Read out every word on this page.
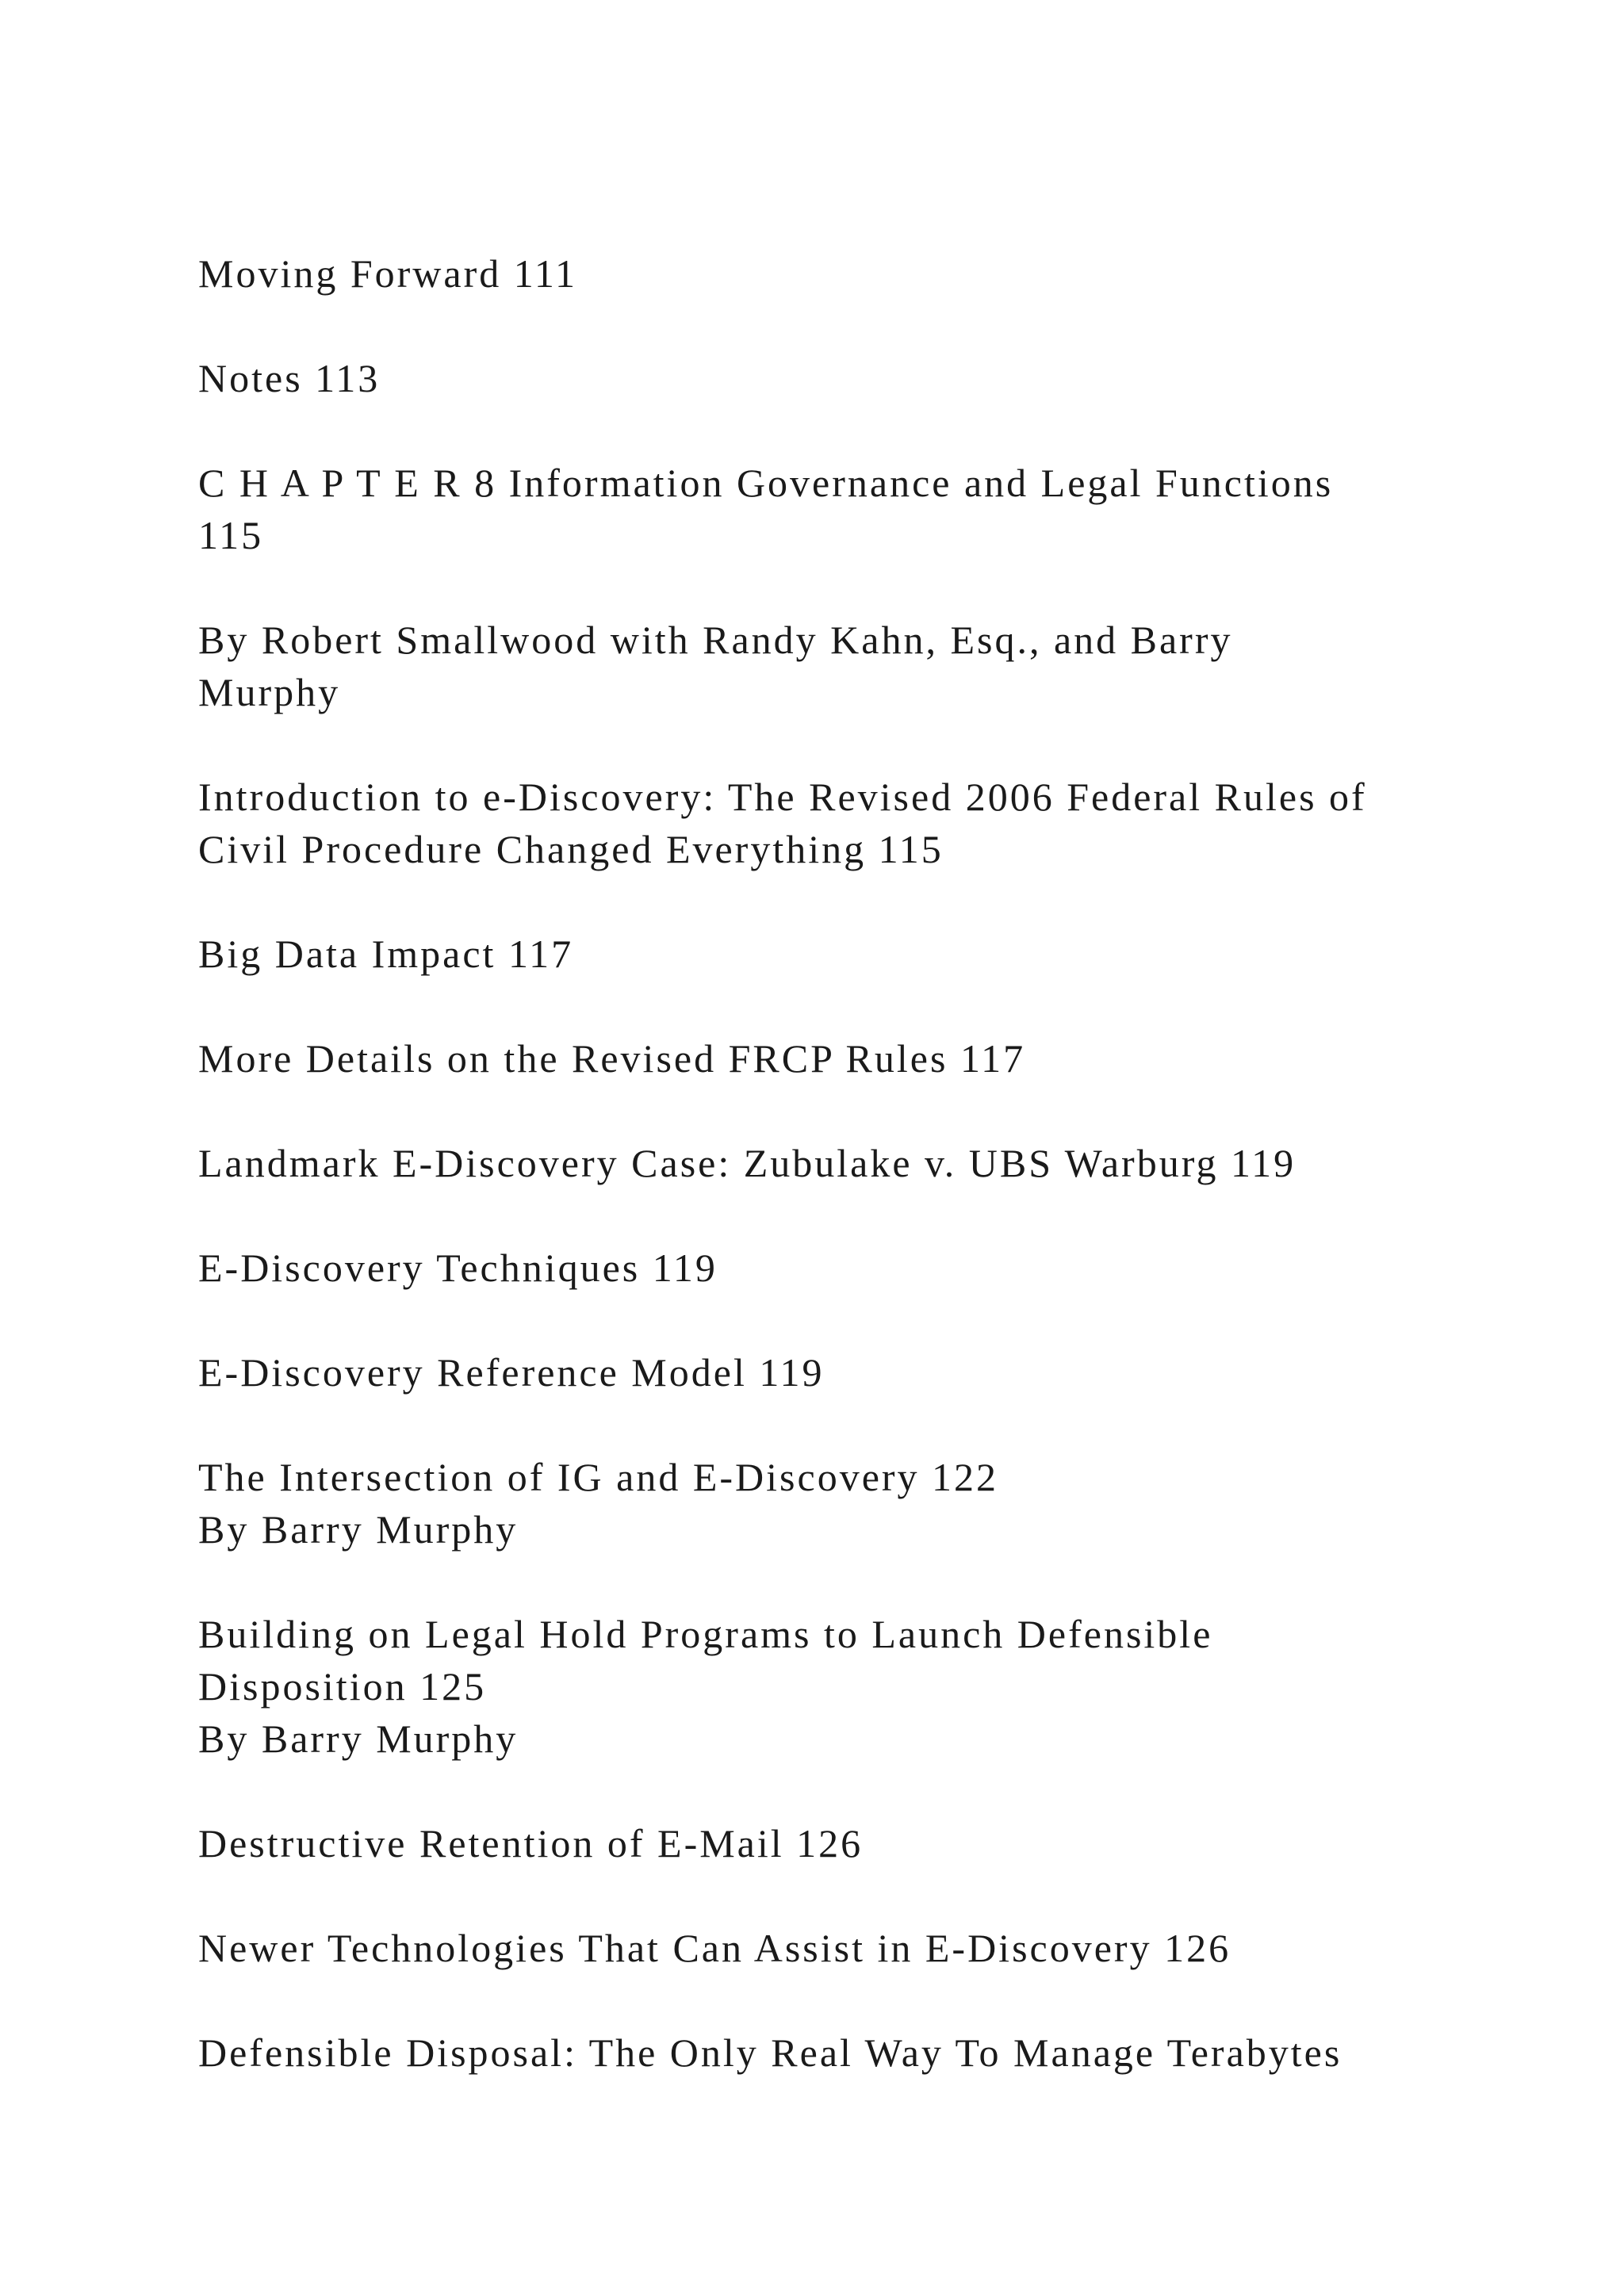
Moving Forward 111
Notes 113
C H A P T E R 8 Information Governance and Legal Functions
115
By Robert Smallwood with Randy Kahn, Esq., and Barry
Murphy
Introduction to e-Discovery: The Revised 2006 Federal Rules of
Civil Procedure Changed Everything 115
Big Data Impact 117
More Details on the Revised FRCP Rules 117
Landmark E-Discovery Case: Zubulake v. UBS Warburg 119
E-Discovery Techniques 119
E-Discovery Reference Model 119
The Intersection of IG and E-Discovery 122
By Barry Murphy
Building on Legal Hold Programs to Launch Defensible
Disposition 125
By Barry Murphy
Destructive Retention of E-Mail 126
Newer Technologies That Can Assist in E-Discovery 126
Defensible Disposal: The Only Real Way To Manage Terabytes
